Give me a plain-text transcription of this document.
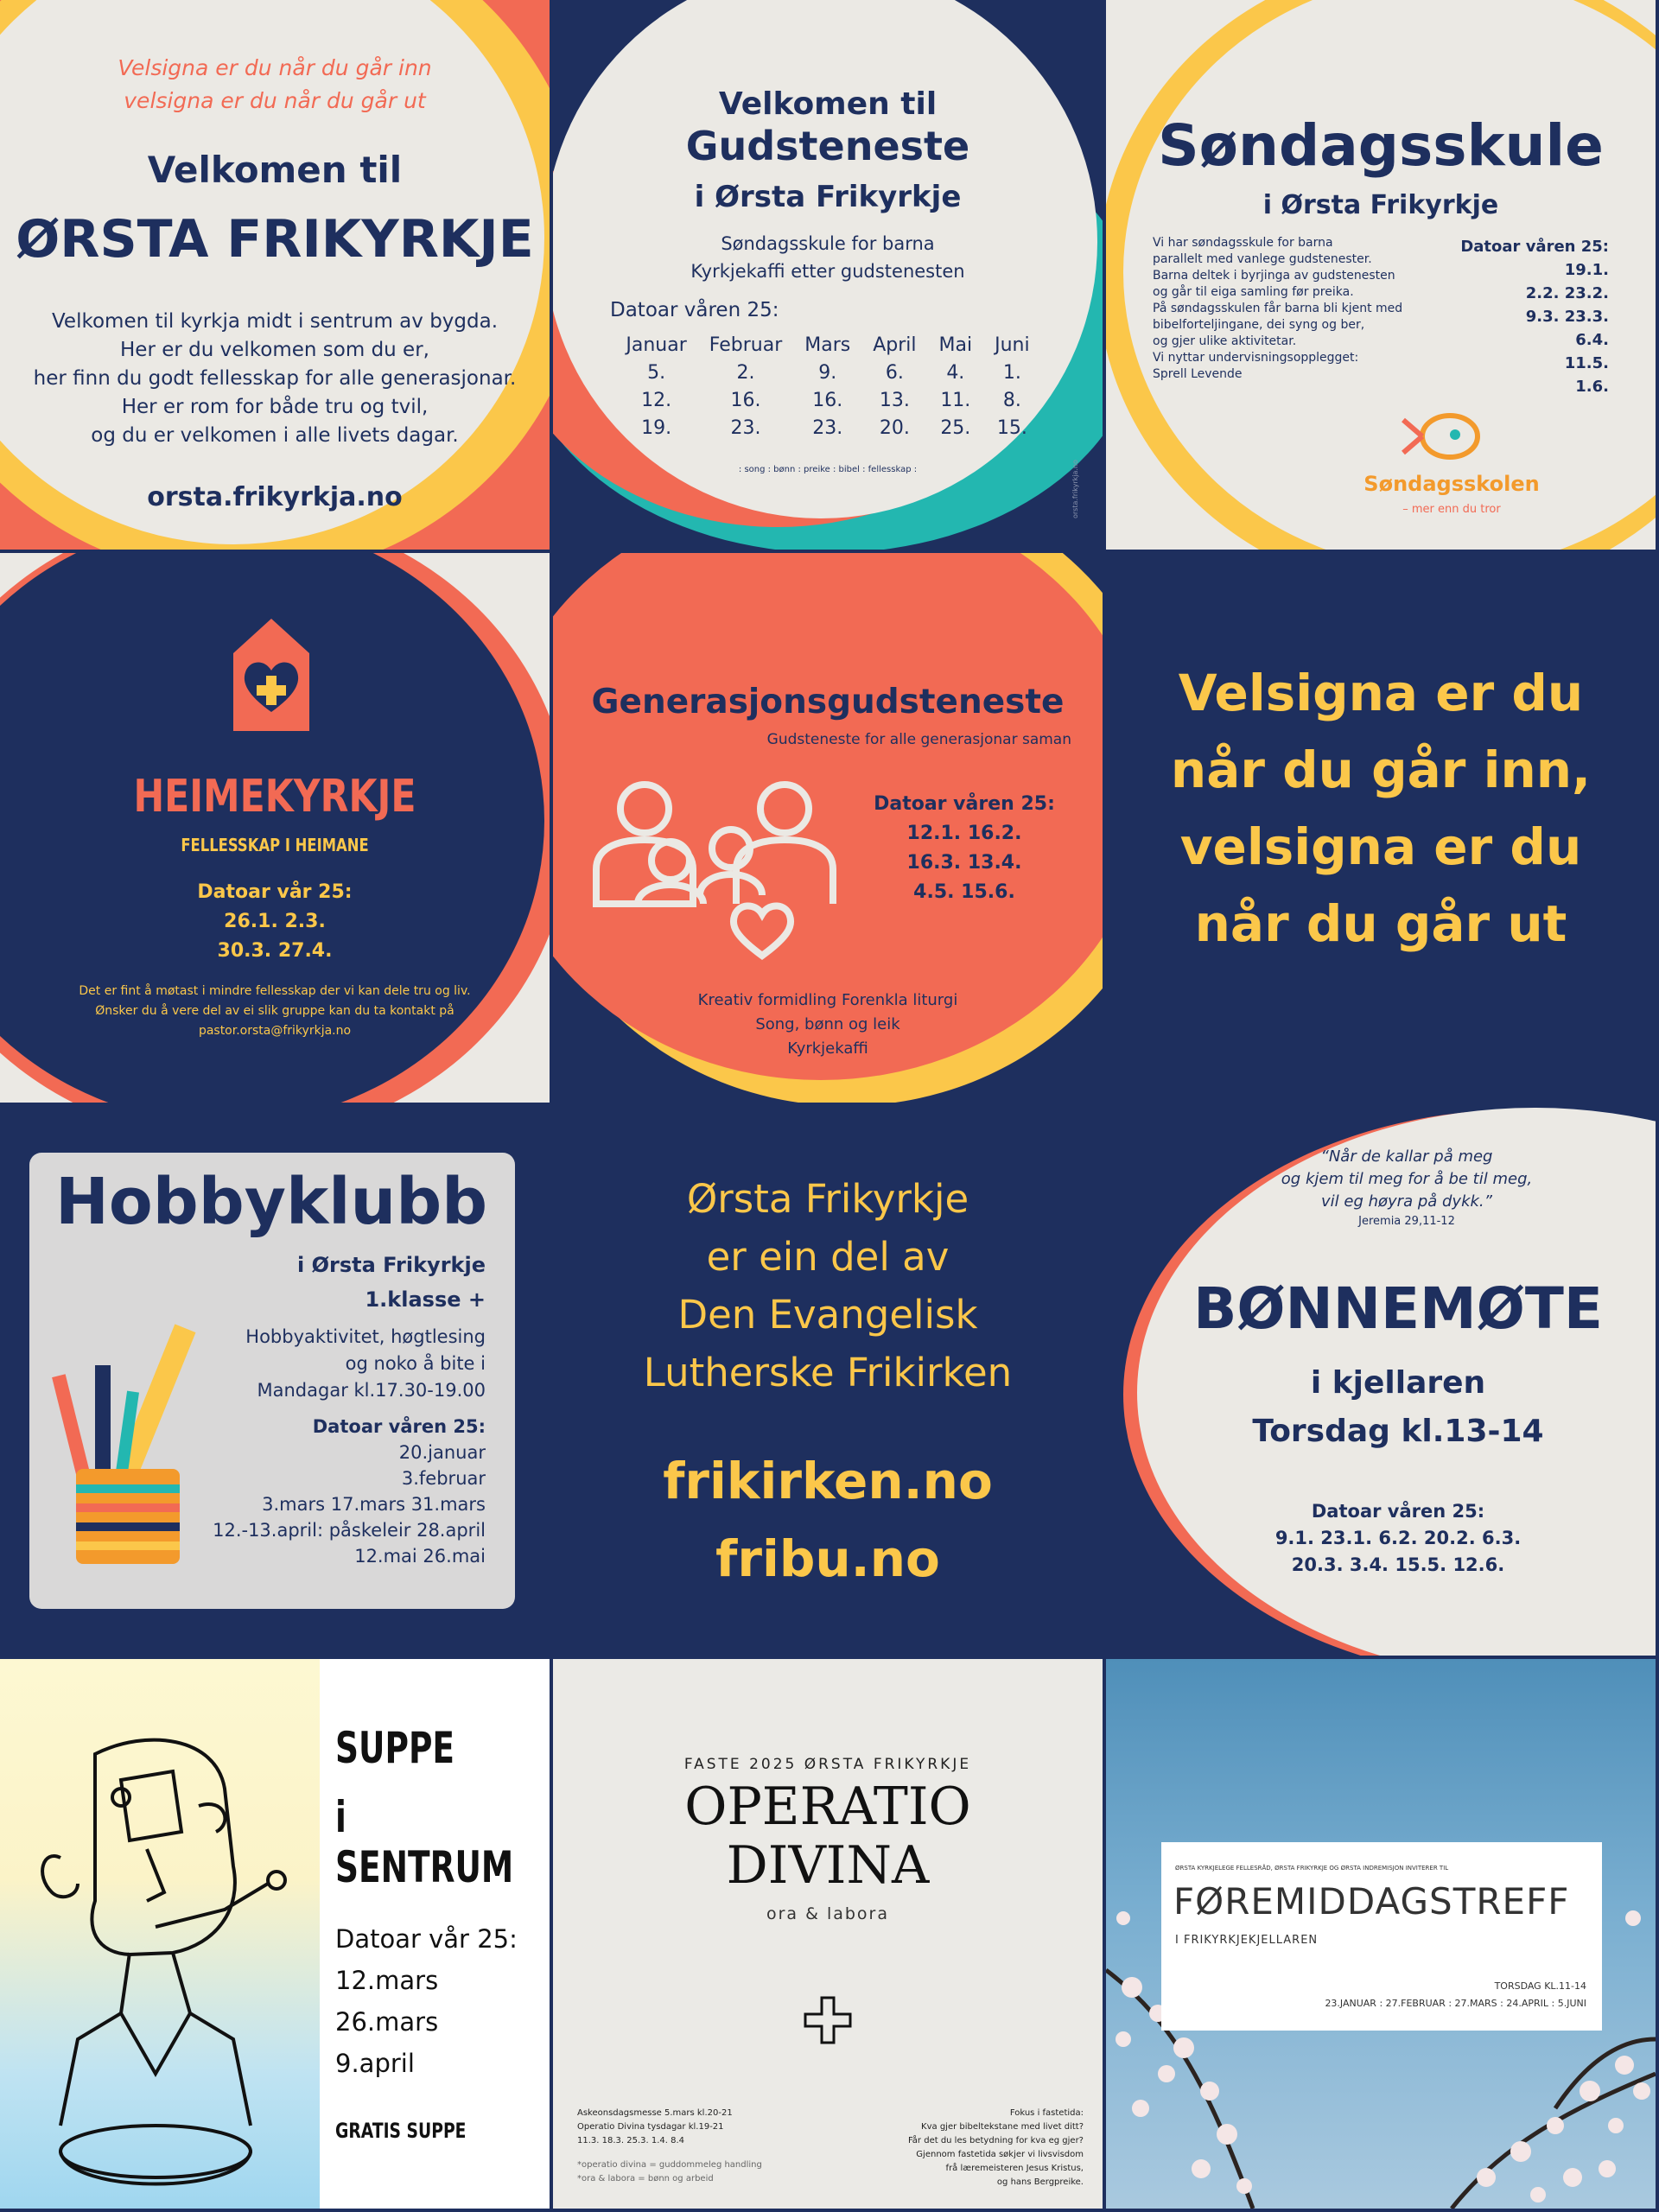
Velsigna er du når du går inn
velsigna er du når du går ut
Velkomen til
ØRSTA FRIKYRKJE
Velkomen til kyrkja midt i sentrum av bygda.
Her er du velkomen som du er,
her finn du godt fellesskap for alle generasjonar.
Her er rom for både tru og tvil,
og du er velkomen i alle livets dagar.
orsta.frikyrkja.no
Velkomen til
Gudsteneste
i Ørsta Frikyrkje
Søndagsskule for barna
Kyrkjekaffi etter gudstenesten
Datoar våren 25:
Januar
5.
12.
19.
Februar
2.
16.
23.
Mars
9.
16.
23.
April
6.
13.
20.
Mai
4.
11.
25.
Juni
1.
8.
15.
: song : bønn : preike : bibel : fellesskap :	orsta.frikyrkja.no
Søndagsskule
i Ørsta Frikyrkje
Vi har søndagsskule for barna
parallelt med vanlege gudstenester.
Barna deltek i byrjinga av gudstenesten
og går til eiga samling før preika.
På søndagsskulen får barna bli kjent med
bibelforteljingane, dei syng og ber,
og gjer ulike aktivitetar.
Vi nyttar undervisningsopplegget:
Sprell Levende
Datoar våren 25:
19.1.
2.2. 23.2.
9.3. 23.3.
6.4.
11.5.
1.6.
Søndagsskolen
– mer enn du tror
HEIMEKYRKJE
FELLESSKAP I HEIMANE
Datoar vår 25:
26.1. 2.3.
30.3. 27.4.
Det er fint å møtast i mindre fellesskap der vi kan dele tru og liv.
Ønsker du å vere del av ei slik gruppe kan du ta kontakt på
pastor.orsta@frikyrkja.no
Generasjonsgudsteneste
Gudsteneste for alle generasjonar saman
Datoar våren 25:
12.1. 16.2.
16.3. 13.4.
4.5. 15.6.
Kreativ formidling Forenkla liturgi
Song, bønn og leik
Kyrkjekaffi
Velsigna er du
når du går inn,
velsigna er du
når du går ut
Hobbyklubb
i Ørsta Frikyrkje
1.klasse +
Hobbyaktivitet, høgtlesing
og noko å bite i
Mandagar kl.17.30-19.00
Datoar våren 25:
20.januar
3.februar
3.mars 17.mars 31.mars
12.-13.april: påskeleir 28.april
12.mai 26.mai
Ørsta Frikyrkje
er ein del av
Den Evangelisk
Lutherske Frikirken
frikirken.no
fribu.no
“Når de kallar på meg
og kjem til meg for å be til meg,
vil eg høyra på dykk.”
Jeremia 29,11-12
BØNNEMØTE
i kjellaren
Torsdag kl.13-14
Datoar våren 25:
9.1. 23.1. 6.2. 20.2. 6.3.
20.3. 3.4. 15.5. 12.6.
SUPPE
i SENTRUM
Datoar vår 25:
12.mars
26.mars
9.april
GRATIS SUPPE
FASTE 2025 ØRSTA FRIKYRKJE
OPERATIO
DIVINA
ora & labora
Askeonsdagsmesse 5.mars kl.20-21
Operatio Divina tysdagar kl.19-21
11.3. 18.3. 25.3. 1.4. 8.4
*operatio divina = guddommeleg handling
*ora & labora = bønn og arbeid
Fokus i fastetida:
Kva gjer bibeltekstane med livet ditt?
Får det du les betydning for kva eg gjer?
Gjennom fastetida søkjer vi livsvisdom
frå læremeisteren Jesus Kristus,
og hans Bergpreike.
ØRSTA KYRKJELEGE FELLESRÅD, ØRSTA FRIKYRKJE OG ØRSTA INDREMISJON INVITERER TIL
FØREMIDDAGSTREFF
I FRIKYRKJEKJELLAREN
TORSDAG KL.11-14
23.JANUAR : 27.FEBRUAR : 27.MARS : 24.APRIL : 5.JUNI
